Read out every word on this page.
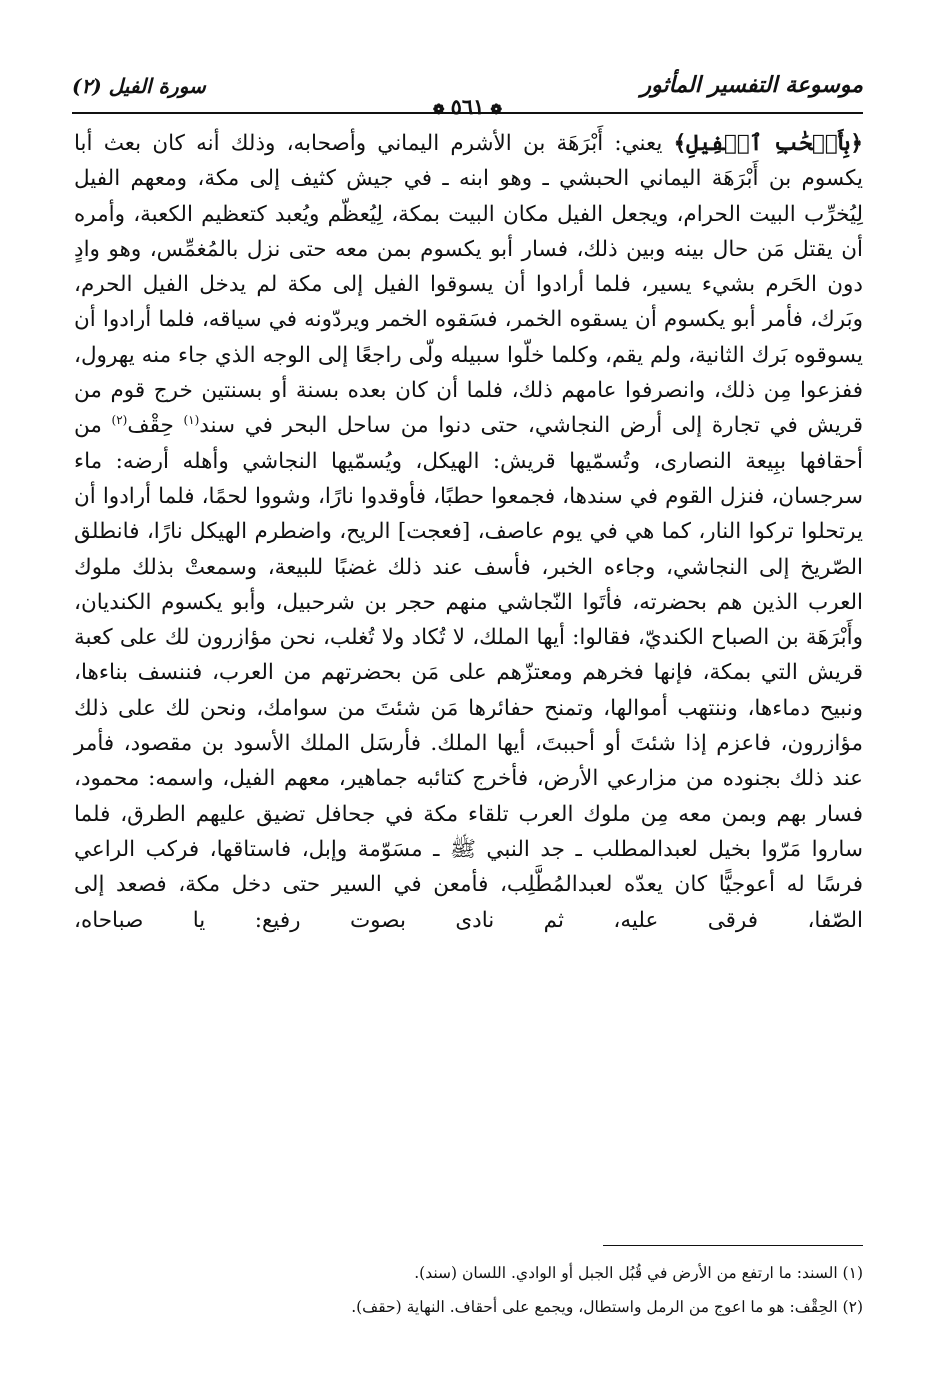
موسوعة التفسير المأثور
❁٥٦١❁
سورة الفيل (٢)

﴿بِأَصۡحَٰبِ ٱلۡفِيلِ﴾ يعني: أَبْرَهَة بن الأشرم اليماني وأصحابه، وذلك أنه كان بعث أبا يكسوم بن أَبْرَهَة اليماني الحبشي ـ وهو ابنه ـ في جيش كثيف إلى مكة، ومعهم الفيل لِيُخرِّب البيت الحرام، ويجعل الفيل مكان البيت بمكة، لِيُعظّم ويُعبد كتعظيم الكعبة، وأمره أن يقتل مَن حال بينه وبين ذلك، فسار أبو يكسوم بمن معه حتى نزل بالمُغمِّس، وهو وادٍ دون الحَرم بشيء يسير، فلما أرادوا أن يسوقوا الفيل إلى مكة لم يدخل الفيل الحرم، وبَرك، فأمر أبو يكسوم أن يسقوه الخمر، فسَقوه الخمر ويردّونه في سياقه، فلما أرادوا أن يسوقوه بَرك الثانية، ولم يقم، وكلما خلّوا سبيله ولّى راجعًا إلى الوجه الذي جاء منه يهرول، ففزعوا مِن ذلك، وانصرفوا عامهم ذلك، فلما أن كان بعده بسنة أو بسنتين خرج قوم من قريش في تجارة إلى أرض النجاشي، حتى دنوا من ساحل البحر في سند$^{(١)}$ حِقْف$^{(٢)}$ من أحقافها ببِيعة النصارى، وتُسمّيها قريش: الهيكل، ويُسمّيها النجاشي وأهله أرضه: ماء سرجسان، فنزل القوم في سندها، فجمعوا حطبًا، فأوقدوا نارًا، وشووا لحمًا، فلما أرادوا أن يرتحلوا تركوا النار، كما هي في يوم عاصف، [فعجت] الريح، واضطرم الهيكل نارًا، فانطلق الصّريخ إلى النجاشي، وجاءه الخبر، فأسف عند ذلك غضبًا للبيعة، وسمعتْ بذلك ملوك العرب الذين هم بحضرته، فأتَوا النّجاشي منهم حجر بن شرحبيل، وأبو يكسوم الكنديان، وأَبْرَهَة بن الصباح الكنديّ، فقالوا: أيها الملك، لا تُكاد ولا تُغلب، نحن مؤازرون لك على كعبة قريش التي بمكة، فإنها فخرهم ومعتزّهم على مَن بحضرتهم من العرب، فننسف بناءها، ونبيح دماءها، وننتهب أموالها، وتمنح حفائرها مَن شئتَ من سوامك، ونحن لك على ذلك مؤازرون، فاعزم إذا شئتَ أو أحببتَ، أيها الملك. فأرسَل الملك الأسود بن مقصود، فأمر عند ذلك بجنوده من مزارعي الأرض، فأخرج كتائبه جماهير، معهم الفيل، واسمه: محمود، فسار بهم وبمن معه مِن ملوك العرب تلقاء مكة في جحافل تضيق عليهم الطرق، فلما ساروا مَرّوا بخيل لعبدالمطلب ـ جد النبي ﷺ ـ مسَوّمة وإبل، فاستاقها، فركب الراعي فرسًا له أعوجيًّا كان يعدّه لعبدالمُطَّلِب، فأمعن في السير حتى دخل مكة، فصعد إلى الصّفا، فرقى عليه، ثم نادى بصوت رفيع: يا صباحاه،

(١) السند: ما ارتفع من الأرض في قُبُل الجبل أو الوادي. اللسان (سند).

(٢) الحِقْف: هو ما اعوج من الرمل واستطال، ويجمع على أحقاف. النهاية (حقف).
